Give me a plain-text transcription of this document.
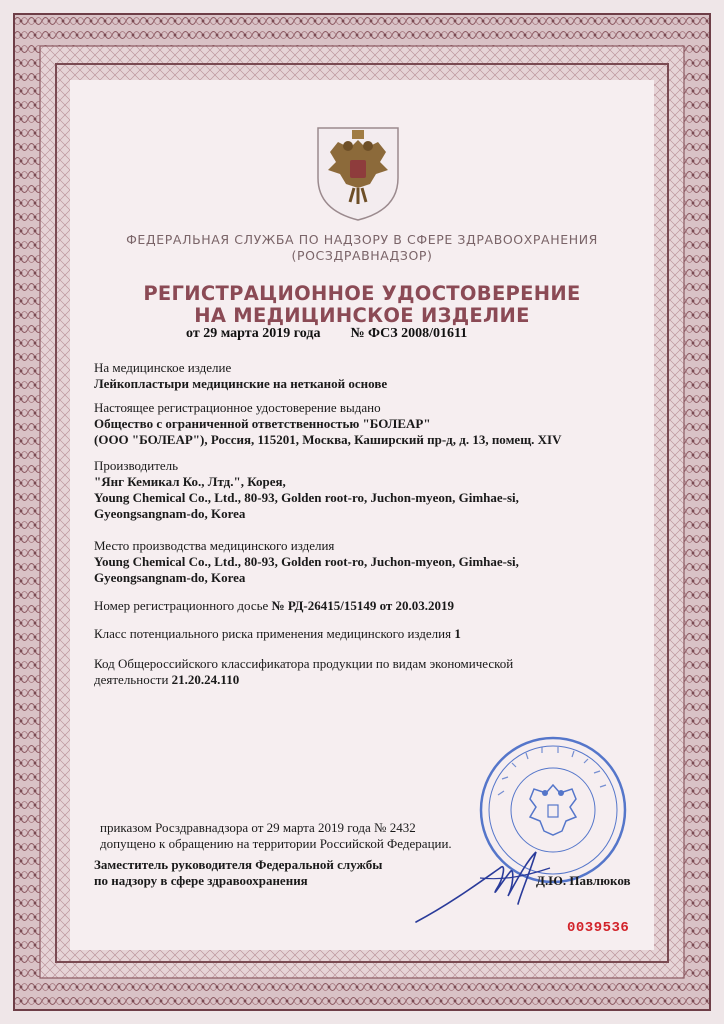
ФЕДЕРАЛЬНАЯ СЛУЖБА ПО НАДЗОРУ В СФЕРЕ ЗДРАВООХРАНЕНИЯ
(РОСЗДРАВНАДЗОР)
РЕГИСТРАЦИОННОЕ УДОСТОВЕРЕНИЕ
НА МЕДИЦИНСКОЕ ИЗДЕЛИЕ
от 29 марта 2019 года № ФСЗ 2008/01611
На медицинское изделие
Лейкопластыри медицинские на нетканой основе
Настоящее регистрационное удостоверение выдано
Общество с ограниченной ответственностью "БОЛЕАР"
(ООО "БОЛЕАР"), Россия, 115201, Москва, Каширский пр-д, д. 13, помещ. XIV
Производитель
"Янг Кемикал Ко., Лтд.", Корея,
Young Chemical Co., Ltd., 80-93, Golden root-ro, Juchon-myeon, Gimhae-si,
Gyeongsangnam-do, Korea
Место производства медицинского изделия
Young Chemical Co., Ltd., 80-93, Golden root-ro, Juchon-myeon, Gimhae-si,
Gyeongsangnam-do, Korea
Номер регистрационного досье № РД-26415/15149 от 20.03.2019
Класс потенциального риска применения медицинского изделия 1
Код Общероссийского классификатора продукции по видам экономической
деятельности 21.20.24.110
приказом Росздравнадзора от 29 марта 2019 года № 2432
допущено к обращению на территории Российской Федерации.
Заместитель руководителя Федеральной службы
по надзору в сфере здравоохранения	Д.Ю. Павлюков
0039536
